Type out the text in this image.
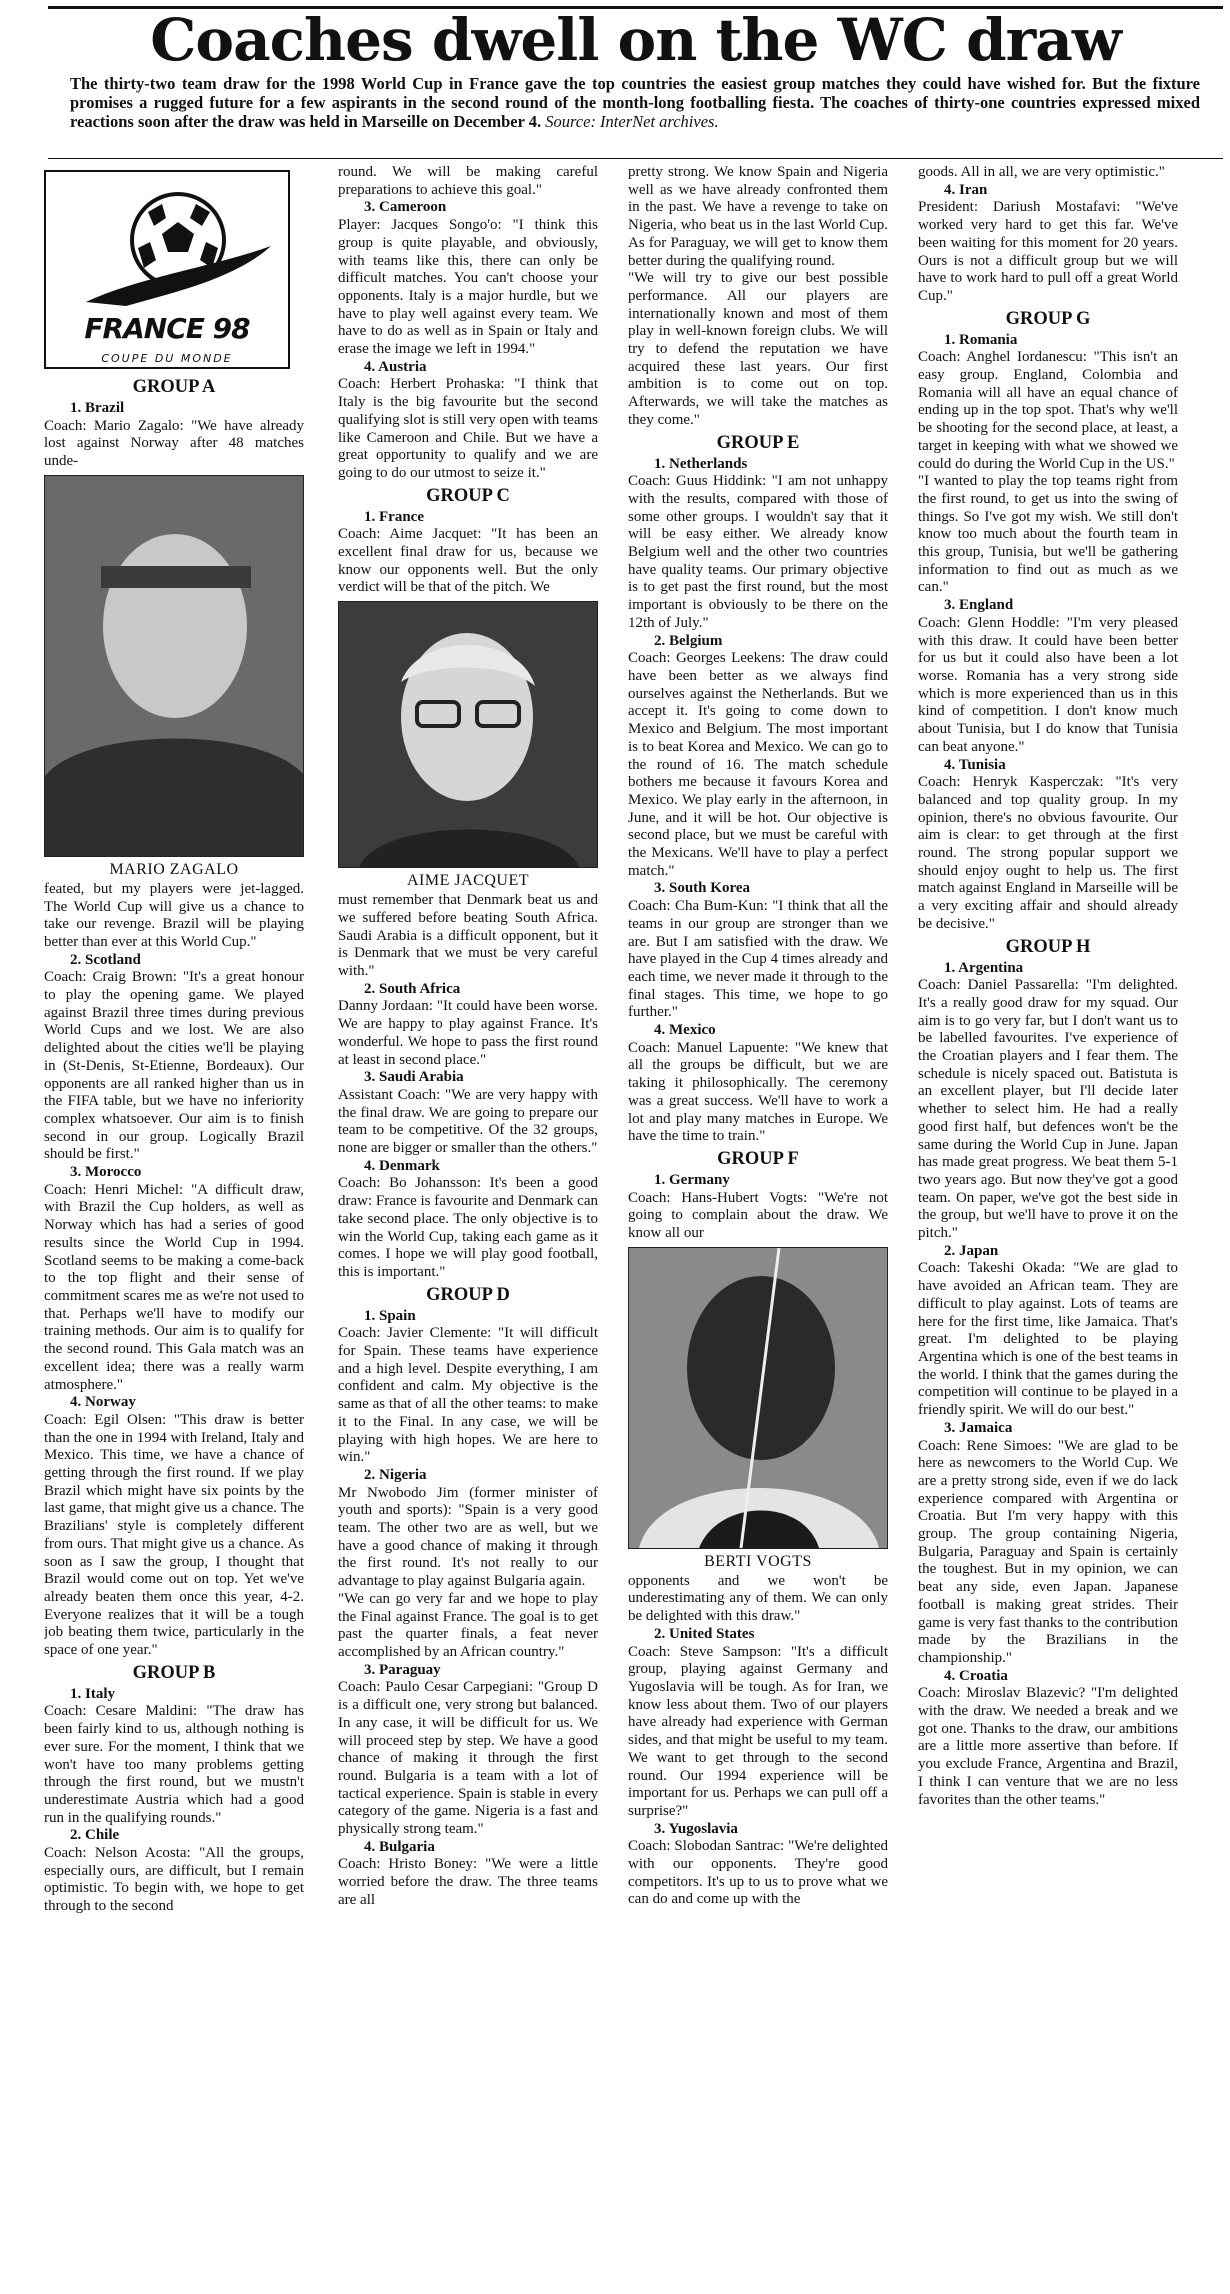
Coaches dwell on the WC draw
The thirty-two team draw for the 1998 World Cup in France gave the top countries the easiest group matches they could have wished for. But the fixture promises a rugged future for a few aspirants in the second round of the month-long footballing fiesta. The coaches of thirty-one countries expressed mixed reactions soon after the draw was held in Marseille on December 4. Source: InterNet archives.
FRANCE 98
COUPE DU MONDE
GROUP A

1. Brazil

Coach: Mario Zagalo: "We have already lost against Norway after 48 matches unde-

MARIO ZAGALO

feated, but my players were jet-lagged. The World Cup will give us a chance to take our revenge. Brazil will be playing better than ever at this World Cup."

2. Scotland

Coach: Craig Brown: "It's a great honour to play the opening game. We played against Brazil three times during previous World Cups and we lost. We are also delighted about the cities we'll be playing in (St-Denis, St-Etienne, Bordeaux). Our opponents are all ranked higher than us in the FIFA table, but we have no inferiority complex whatsoever. Our aim is to finish second in our group. Logically Brazil should be first."

3. Morocco

Coach: Henri Michel: "A difficult draw, with Brazil the Cup holders, as well as Norway which has had a series of good results since the World Cup in 1994. Scotland seems to be making a come-back to the top flight and their sense of commitment scares me as we're not used to that. Perhaps we'll have to modify our training methods. Our aim is to qualify for the second round. This Gala match was an excellent idea; there was a really warm atmosphere."

4. Norway

Coach: Egil Olsen: "This draw is better than the one in 1994 with Ireland, Italy and Mexico. This time, we have a chance of getting through the first round. If we play Brazil which might have six points by the last game, that might give us a chance. The Brazilians' style is completely different from ours. That might give us a chance. As soon as I saw the group, I thought that Brazil would come out on top. Yet we've already beaten them once this year, 4-2. Everyone realizes that it will be a tough job beating them twice, particularly in the space of one year."

GROUP B

1. Italy

Coach: Cesare Maldini: "The draw has been fairly kind to us, although nothing is ever sure. For the moment, I think that we won't have too many problems getting through the first round, but we mustn't underestimate Austria which had a good run in the qualifying rounds."

2. Chile

Coach: Nelson Acosta: "All the groups, especially ours, are difficult, but I remain optimistic. To begin with, we hope to get through to the second

round. We will be making careful preparations to achieve this goal."

3. Cameroon

Player: Jacques Songo'o: "I think this group is quite playable, and obviously, with teams like this, there can only be difficult matches. You can't choose your opponents. Italy is a major hurdle, but we have to play well against every team. We have to do as well as in Spain or Italy and erase the image we left in 1994."

4. Austria

Coach: Herbert Prohaska: "I think that Italy is the big favourite but the second qualifying slot is still very open with teams like Cameroon and Chile. But we have a great opportunity to qualify and we are going to do our utmost to seize it."

GROUP C

1. France

Coach: Aime Jacquet: "It has been an excellent final draw for us, because we know our opponents well. But the only verdict will be that of the pitch. We

AIME JACQUET

must remember that Denmark beat us and we suffered before beating South Africa. Saudi Arabia is a difficult opponent, but it is Denmark that we must be very careful with."

2. South Africa

Danny Jordaan: "It could have been worse. We are happy to play against France. It's wonderful. We hope to pass the first round at least in second place."

3. Saudi Arabia

Assistant Coach: "We are very happy with the final draw. We are going to prepare our team to be competitive. Of the 32 groups, none are bigger or smaller than the others."

4. Denmark

Coach: Bo Johansson: It's been a good draw: France is favourite and Denmark can take second place. The only objective is to win the World Cup, taking each game as it comes. I hope we will play good football, this is important."

GROUP D

1. Spain

Coach: Javier Clemente: "It will difficult for Spain. These teams have experience and a high level. Despite everything, I am confident and calm. My objective is the same as that of all the other teams: to make it to the Final. In any case, we will be playing with high hopes. We are here to win."

2. Nigeria

Mr Nwobodo Jim (former minister of youth and sports): "Spain is a very good team. The other two are as well, but we have a good chance of making it through the first round. It's not really to our advantage to play against Bulgaria again.

"We can go very far and we hope to play the Final against France. The goal is to get past the quarter finals, a feat never accomplished by an African country."

3. Paraguay

Coach: Paulo Cesar Carpegiani: "Group D is a difficult one, very strong but balanced. In any case, it will be difficult for us. We will proceed step by step. We have a good chance of making it through the first round. Bulgaria is a team with a lot of tactical experience. Spain is stable in every category of the game. Nigeria is a fast and physically strong team."

4. Bulgaria

Coach: Hristo Boney: "We were a little worried before the draw. The three teams are all

pretty strong. We know Spain and Nigeria well as we have already confronted them in the past. We have a revenge to take on Nigeria, who beat us in the last World Cup. As for Paraguay, we will get to know them better during the qualifying round.

"We will try to give our best possible performance. All our players are internationally known and most of them play in well-known foreign clubs. We will try to defend the reputation we have acquired these last years. Our first ambition is to come out on top. Afterwards, we will take the matches as they come."

GROUP E

1. Netherlands

Coach: Guus Hiddink: "I am not unhappy with the results, compared with those of some other groups. I wouldn't say that it will be easy either. We already know Belgium well and the other two countries have quality teams. Our primary objective is to get past the first round, but the most important is obviously to be there on the 12th of July."

2. Belgium

Coach: Georges Leekens: The draw could have been better as we always find ourselves against the Netherlands. But we accept it. It's going to come down to Mexico and Belgium. The most important is to beat Korea and Mexico. We can go to the round of 16. The match schedule bothers me because it favours Korea and Mexico. We play early in the afternoon, in June, and it will be hot. Our objective is second place, but we must be careful with the Mexicans. We'll have to play a perfect match."

3. South Korea

Coach: Cha Bum-Kun: "I think that all the teams in our group are stronger than we are. But I am satisfied with the draw. We have played in the Cup 4 times already and each time, we never made it through to the final stages. This time, we hope to go further."

4. Mexico

Coach: Manuel Lapuente: "We knew that all the groups be difficult, but we are taking it philosophically. The ceremony was a great success. We'll have to work a lot and play many matches in Europe. We have the time to train."

GROUP F

1. Germany

Coach: Hans-Hubert Vogts: "We're not going to complain about the draw. We know all our

BERTI VOGTS

opponents and we won't be underestimating any of them. We can only be delighted with this draw."

2. United States

Coach: Steve Sampson: "It's a difficult group, playing against Germany and Yugoslavia will be tough. As for Iran, we know less about them. Two of our players have already had experience with German sides, and that might be useful to my team. We want to get through to the second round. Our 1994 experience will be important for us. Perhaps we can pull off a surprise?"

3. Yugoslavia

Coach: Slobodan Santrac: "We're delighted with our opponents. They're good competitors. It's up to us to prove what we can do and come up with the

goods. All in all, we are very optimistic."

4. Iran

President: Dariush Mostafavi: "We've worked very hard to get this far. We've been waiting for this moment for 20 years. Ours is not a difficult group but we will have to work hard to pull off a great World Cup."

GROUP G

1. Romania

Coach: Anghel Iordanescu: "This isn't an easy group. England, Colombia and Romania will all have an equal chance of ending up in the top spot. That's why we'll be shooting for the second place, at least, a target in keeping with what we showed we could do during the World Cup in the US."

"I wanted to play the top teams right from the first round, to get us into the swing of things. So I've got my wish. We still don't know too much about the fourth team in this group, Tunisia, but we'll be gathering information to find out as much as we can."

3. England

Coach: Glenn Hoddle: "I'm very pleased with this draw. It could have been better for us but it could also have been a lot worse. Romania has a very strong side which is more experienced than us in this kind of competition. I don't know much about Tunisia, but I do know that Tunisia can beat anyone."

4. Tunisia

Coach: Henryk Kasperczak: "It's very balanced and top quality group. In my opinion, there's no obvious favourite. Our aim is clear: to get through at the first round. The strong popular support we should enjoy ought to help us. The first match against England in Marseille will be a very exciting affair and should already be decisive."

GROUP H

1. Argentina

Coach: Daniel Passarella: "I'm delighted. It's a really good draw for my squad. Our aim is to go very far, but I don't want us to be labelled favourites. I've experience of the Croatian players and I fear them. The schedule is nicely spaced out. Batistuta is an excellent player, but I'll decide later whether to select him. He had a really good first half, but defences won't be the same during the World Cup in June. Japan has made great progress. We beat them 5-1 two years ago. But now they've got a good team. On paper, we've got the best side in the group, but we'll have to prove it on the pitch."

2. Japan

Coach: Takeshi Okada: "We are glad to have avoided an African team. They are difficult to play against. Lots of teams are here for the first time, like Jamaica. That's great. I'm delighted to be playing Argentina which is one of the best teams in the world. I think that the games during the competition will continue to be played in a friendly spirit. We will do our best."

3. Jamaica

Coach: Rene Simoes: "We are glad to be here as newcomers to the World Cup. We are a pretty strong side, even if we do lack experience compared with Argentina or Croatia. But I'm very happy with this group. The group containing Nigeria, Bulgaria, Paraguay and Spain is certainly the toughest. But in my opinion, we can beat any side, even Japan. Japanese football is making great strides. Their game is very fast thanks to the contribution made by the Brazilians in the championship."

4. Croatia

Coach: Miroslav Blazevic? "I'm delighted with the draw. We needed a break and we got one. Thanks to the draw, our ambitions are a little more assertive than before. If you exclude France, Argentina and Brazil, I think I can venture that we are no less favorites than the other teams."
